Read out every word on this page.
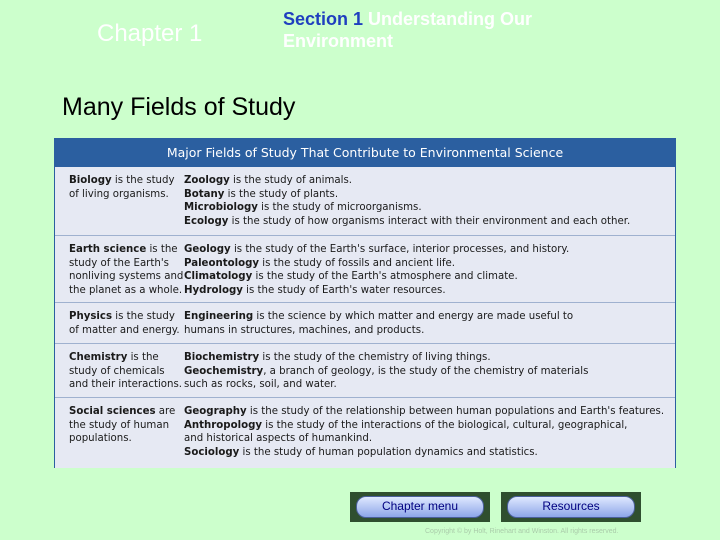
Chapter 1
Section 1 Understanding Our Environment
Many Fields of Study
Major Fields of Study That Contribute to Environmental Science
Biology is the study of living organisms.
Zoology is the study of animals.
Botany is the study of plants.
Microbiology is the study of microorganisms.
Ecology is the study of how organisms interact with their environment and each other.
Earth science is the study of the Earth's nonliving systems and the planet as a whole.
Geology is the study of the Earth's surface, interior processes, and history.
Paleontology is the study of fossils and ancient life.
Climatology is the study of the Earth's atmosphere and climate.
Hydrology is the study of Earth's water resources.
Physics is the study of matter and energy.
Engineering is the science by which matter and energy are made useful to
humans in structures, machines, and products.
Chemistry is the study of chemicals and their interactions.
Biochemistry is the study of the chemistry of living things.
Geochemistry, a branch of geology, is the study of the chemistry of materials
such as rocks, soil, and water.
Social sciences are the study of human populations.
Geography is the study of the relationship between human populations and Earth's features.
Anthropology is the study of the interactions of the biological, cultural, geographical,
and historical aspects of humankind.
Sociology is the study of human population dynamics and statistics.
Chapter menu	Resources
Copyright © by Holt, Rinehart and Winston. All rights reserved.
